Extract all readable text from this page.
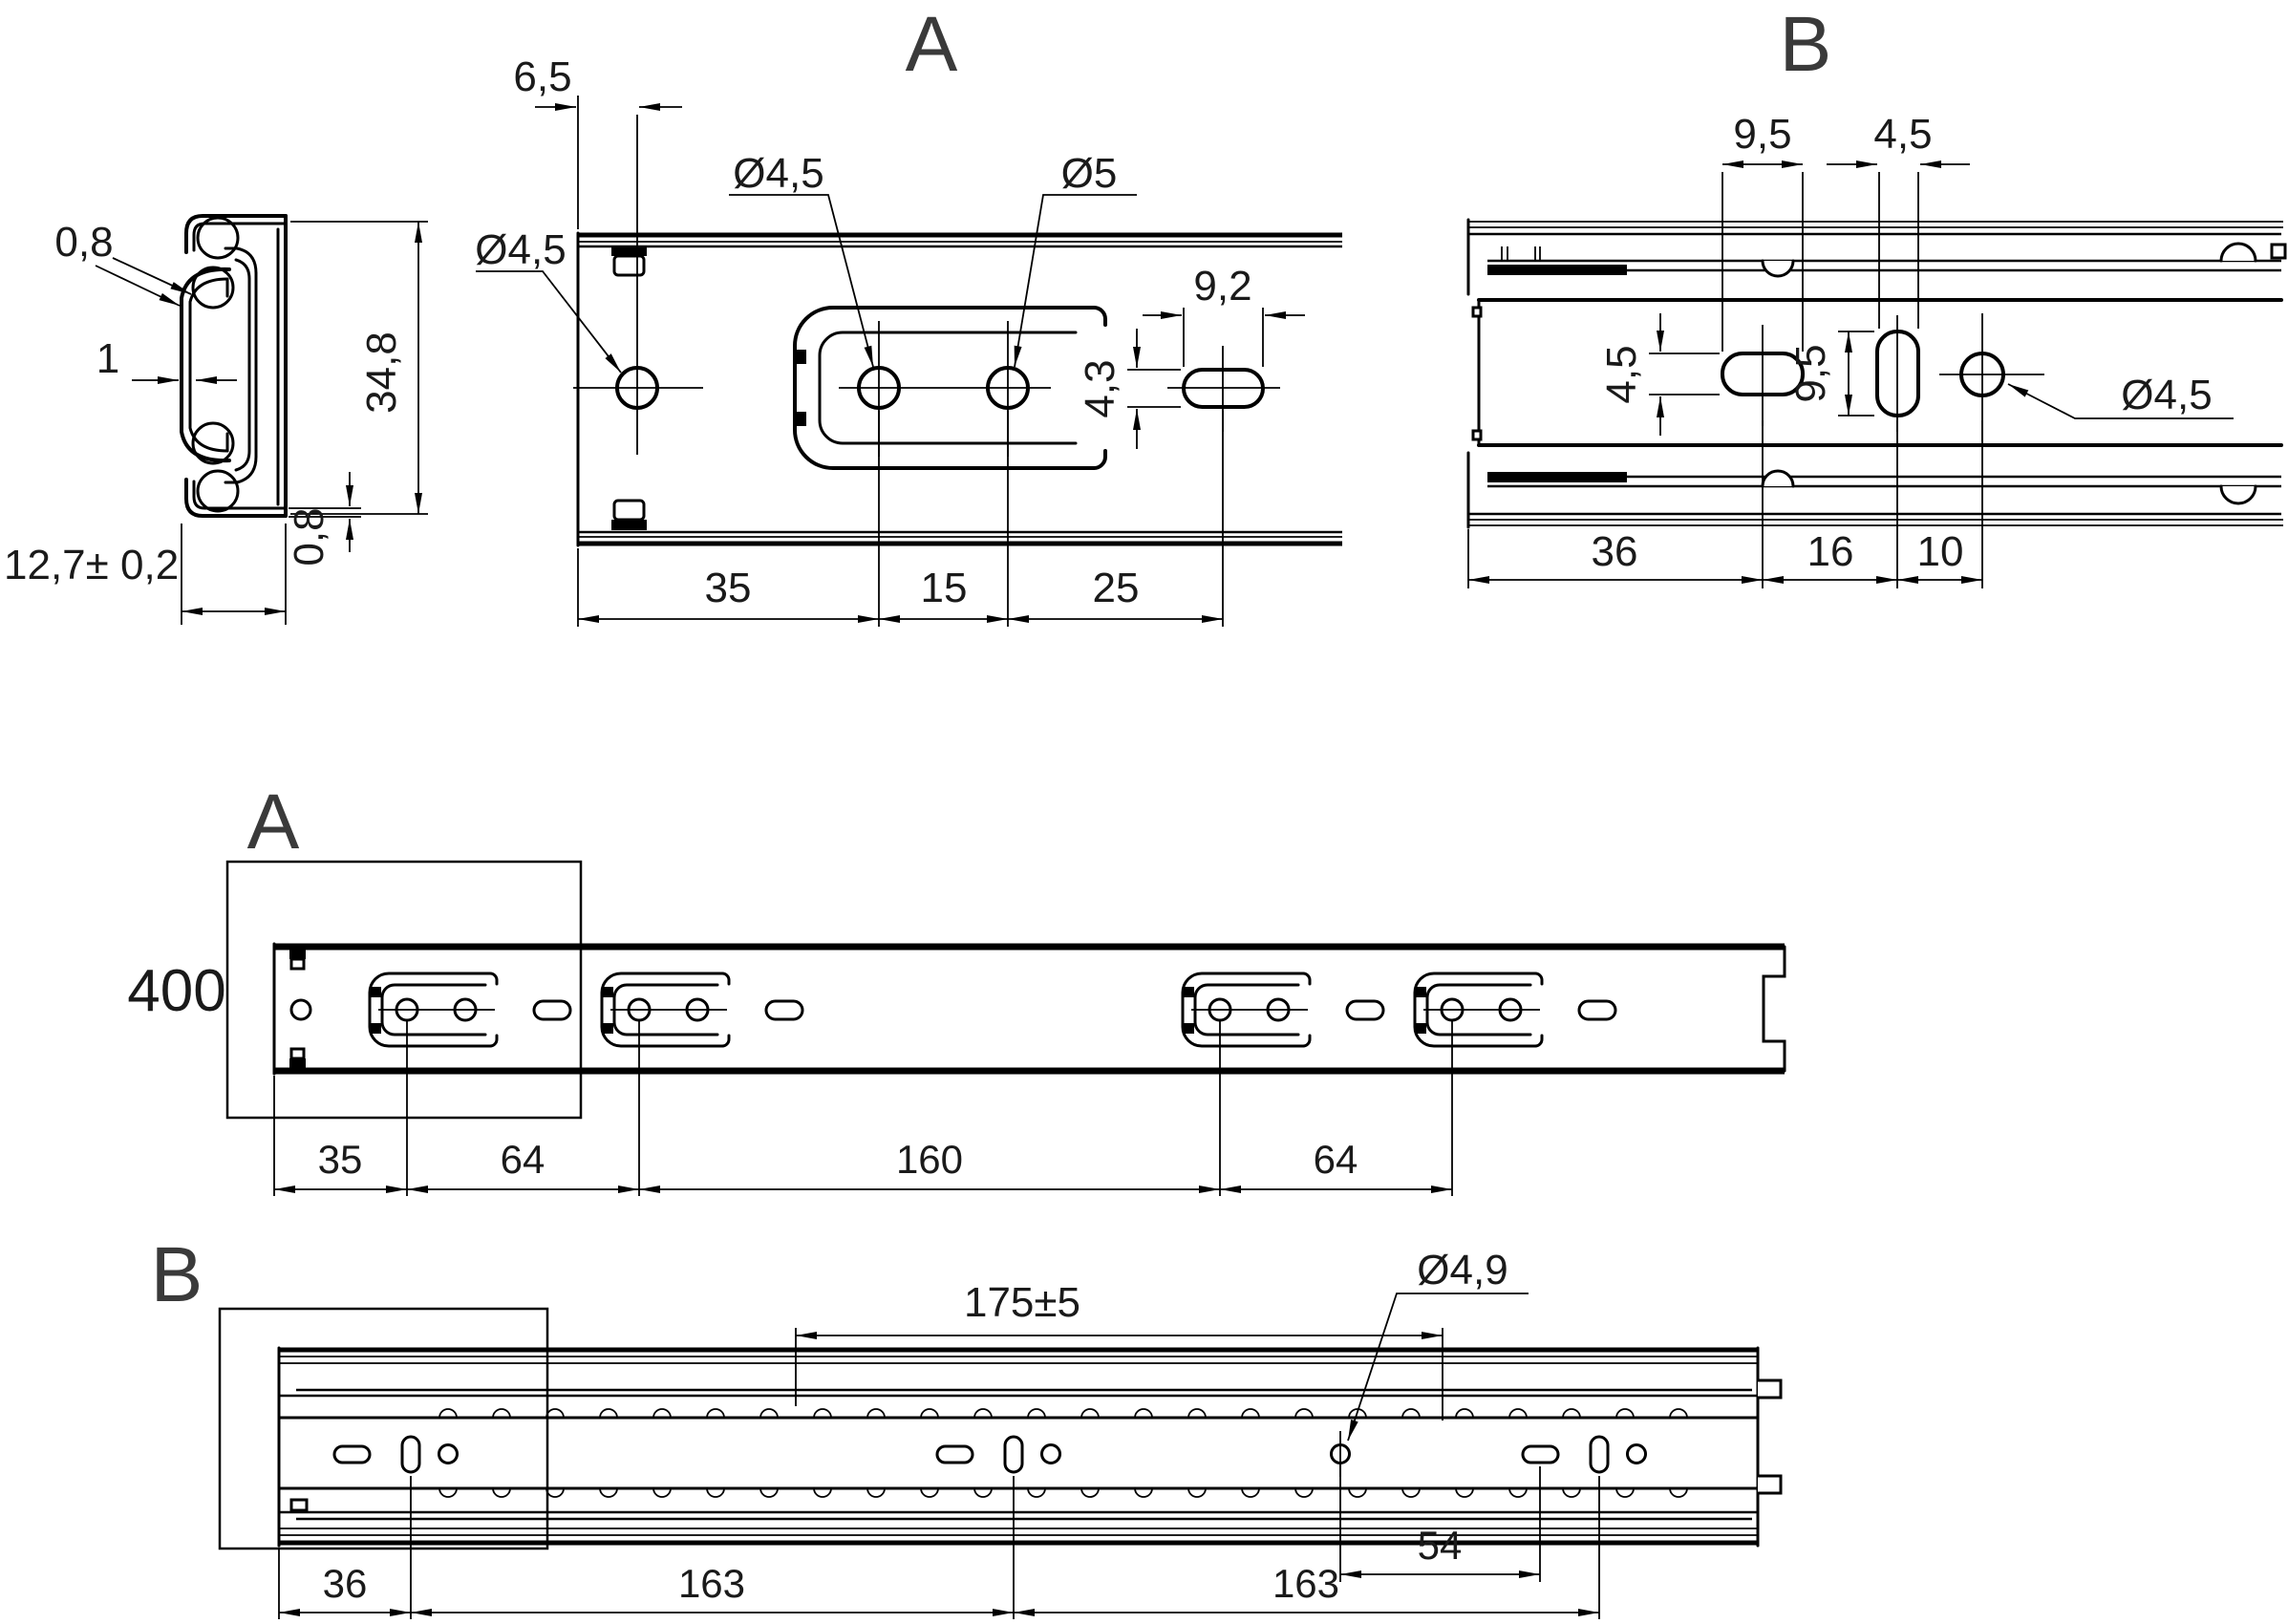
0,8
1	34,8
0,8
12,7± 0,2
A
6,5
Ø4,5
Ø4,5	Ø5
9,2
4,3
35	15	25
B
9,5 4,5
4,5	9,5	Ø4,5
36	16 10
A
400
35	64	160	64
B	175±5
Ø4,9
54
36	163	163
